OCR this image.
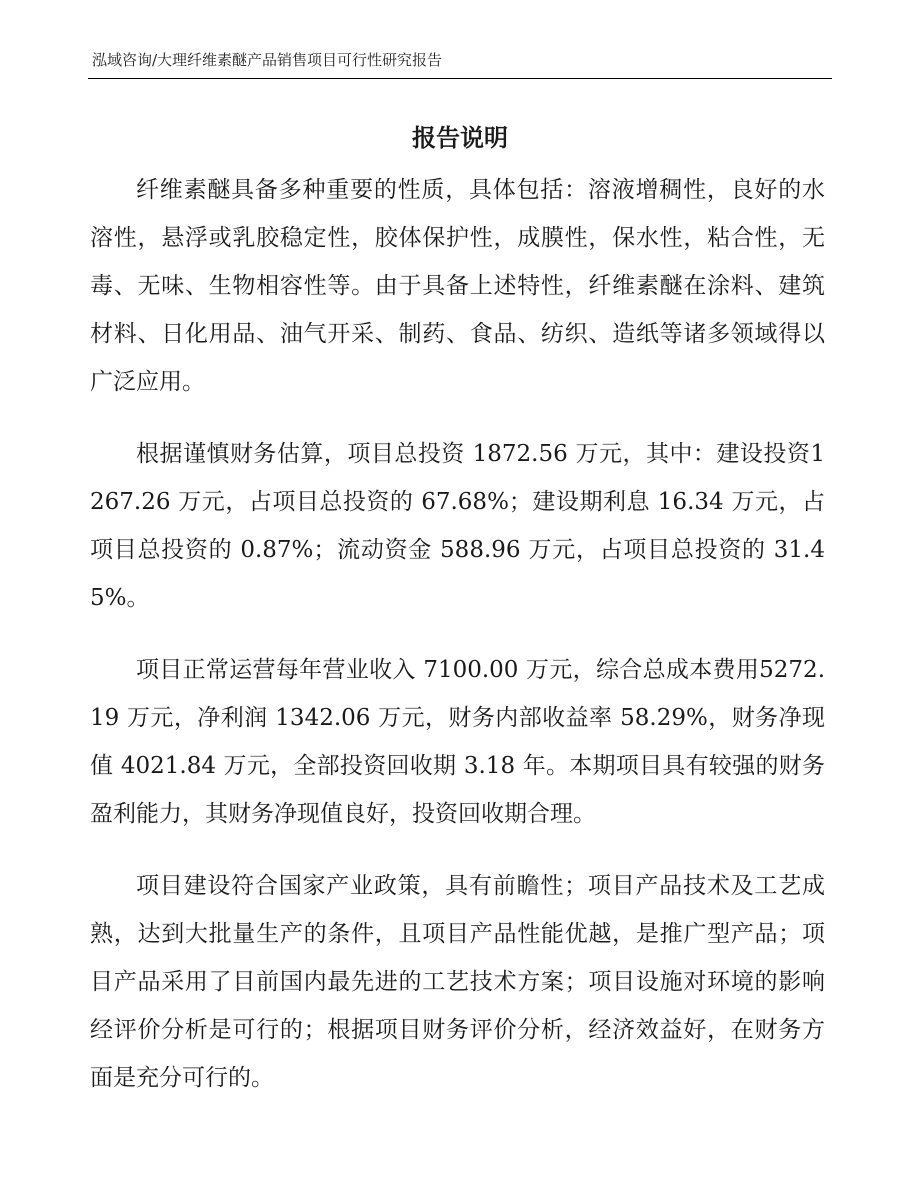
泓域咨询/大理纤维素醚产品销售项目可行性研究报告
报告说明

纤维素醚具备多种重要的性质，具体包括：溶液增稠性，良好的水溶性，悬浮或乳胶稳定性，胶体保护性，成膜性，保水性，粘合性，无毒、无味、生物相容性等。由于具备上述特性，纤维素醚在涂料、建筑材料、日化用品、油气开采、制药、食品、纺织、造纸等诸多领域得以广泛应用。

根据谨慎财务估算，项目总投资 1872.56 万元，其中：建设投资1267.26 万元，占项目总投资的 67.68%；建设期利息 16.34 万元，占项目总投资的 0.87%；流动资金 588.96 万元，占项目总投资的 31.45%。

项目正常运营每年营业收入 7100.00 万元，综合总成本费用5272.19 万元，净利润 1342.06 万元，财务内部收益率 58.29%，财务净现值 4021.84 万元，全部投资回收期 3.18 年。本期项目具有较强的财务盈利能力，其财务净现值良好，投资回收期合理。

项目建设符合国家产业政策，具有前瞻性；项目产品技术及工艺成熟，达到大批量生产的条件，且项目产品性能优越，是推广型产品；项目产品采用了目前国内最先进的工艺技术方案；项目设施对环境的影响经评价分析是可行的；根据项目财务评价分析，经济效益好，在财务方面是充分可行的。
